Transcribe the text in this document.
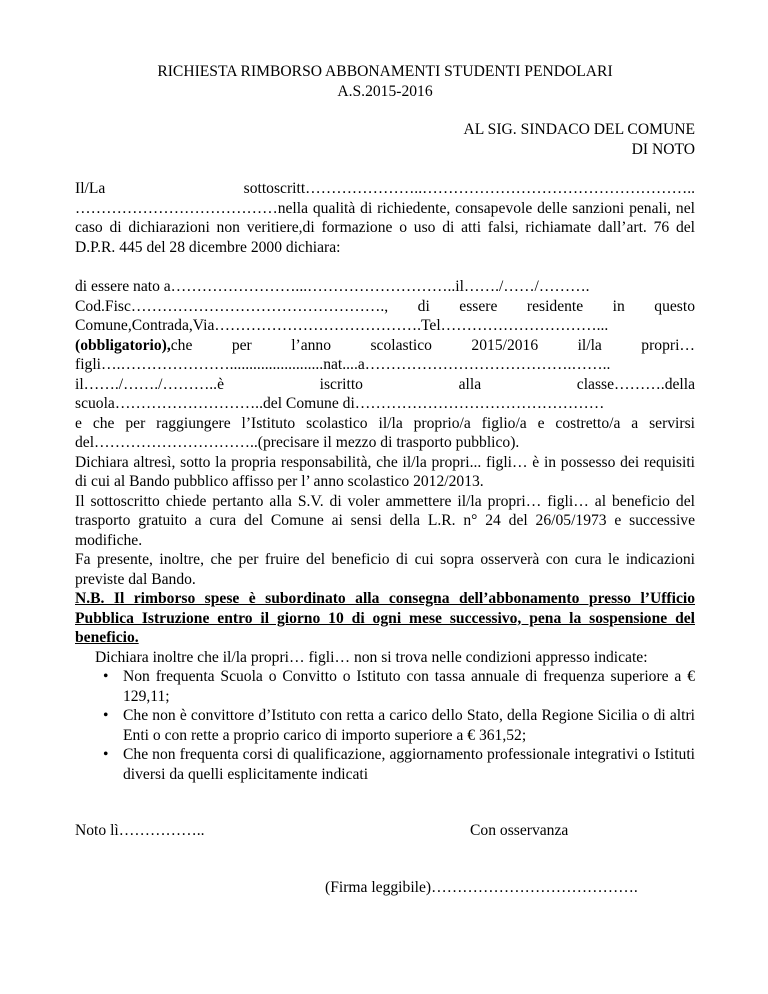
RICHIESTA RIMBORSO ABBONAMENTI STUDENTI PENDOLARI

A.S.2015-2016

AL SIG. SINDACO DEL COMUNE
DI NOTO

Il/La sottoscritt…………………..……………………………………………..

…………………………………nella qualità di richiedente, consapevole delle sanzioni penali, nel caso di dichiarazioni non veritiere,di formazione o uso di atti falsi, richiamate dall’art. 76 del D.P.R. 445 del 28 dicembre 2000 dichiara:

di essere nato a……………………...………………………..il……./……/……….

Cod.Fisc…………………………………………., di essere residente in questo

Comune,Contrada,Via………………………………….Tel…………………………...

(obbligatorio),che per l’anno scolastico 2015/2016 il/la propri…

figli….…………………........................nat....a………………………………….……..

il……./……./………..è iscritto alla classe……….della

scuola………………………..del Comune di…………………………………………

e che per raggiungere l’Istituto scolastico il/la proprio/a figlio/a e costretto/a a servirsi del…………………………..(precisare il mezzo di trasporto pubblico).

Dichiara altresì, sotto la propria responsabilità, che il/la propri... figli… è in possesso dei requisiti di cui al Bando pubblico affisso per l’ anno scolastico 2012/2013.

Il sottoscritto chiede pertanto alla S.V. di voler ammettere il/la propri… figli… al beneficio del trasporto gratuito a cura del Comune ai sensi della L.R. n° 24 del 26/05/1973 e successive modifiche.

Fa presente, inoltre, che per fruire del beneficio di cui sopra osserverà con cura le indicazioni previste dal Bando.

N.B. Il rimborso spese è subordinato alla consegna dell’abbonamento presso l’Ufficio Pubblica Istruzione entro il giorno 10 di ogni mese successivo, pena la sospensione del beneficio.

Dichiara inoltre che il/la propri… figli… non si trova nelle condizioni appresso indicate:

• Non frequenta Scuola o Convitto o Istituto con tassa annuale di frequenza superiore a € 129,11;
• Che non è convittore d’Istituto con retta a carico dello Stato, della Regione Sicilia o di altri Enti o con rette a proprio carico di importo superiore a € 361,52;
• Che non frequenta corsi di qualificazione, aggiornamento professionale integrativi o Istituti diversi da quelli esplicitamente indicati
Noto lì……………..	Con osservanza
(Firma leggibile)………………………………….
